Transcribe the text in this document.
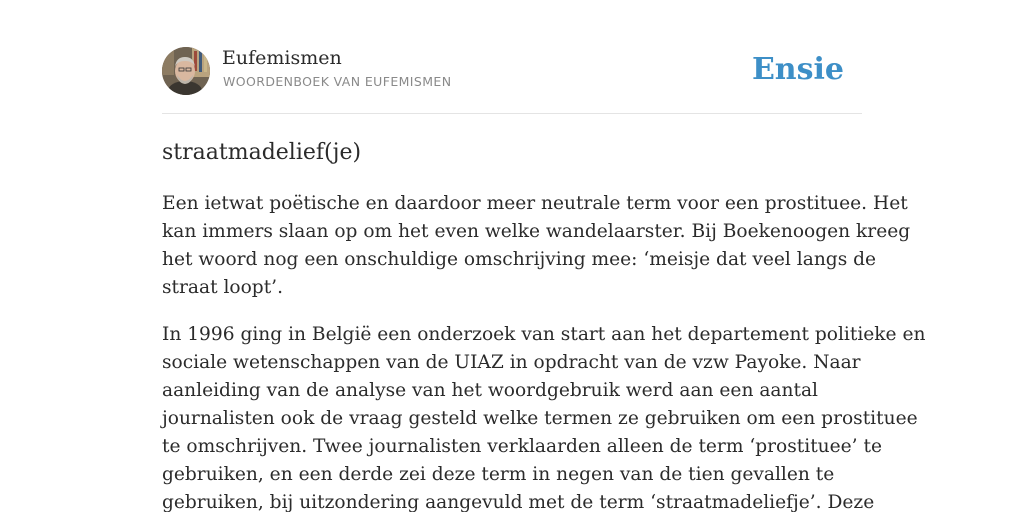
Eufemismen
WOORDENBOEK VAN EUFEMISMEN	Ensie
straatmadelief(je)
Een ietwat poëtische en daardoor meer neutrale term voor een prostituee. Het
kan immers slaan op om het even welke wandelaarster. Bij Boekenoogen kreeg
het woord nog een onschuldige omschrijving mee: ‘meisje dat veel langs de
straat loopt’.
In 1996 ging in België een onderzoek van start aan het departement politieke en
sociale wetenschappen van de UIAZ in opdracht van de vzw Payoke. Naar
aanleiding van de analyse van het woordgebruik werd aan een aantal
journalisten ook de vraag gesteld welke termen ze gebruiken om een prostituee
te omschrijven. Twee journalisten verklaarden alleen de term ‘prostituee’ te
gebruiken, en een derde zei deze term in negen van de tien gevallen te
gebruiken, bij uitzondering aangevuld met de term ‘straatmadeliefje’. Deze
